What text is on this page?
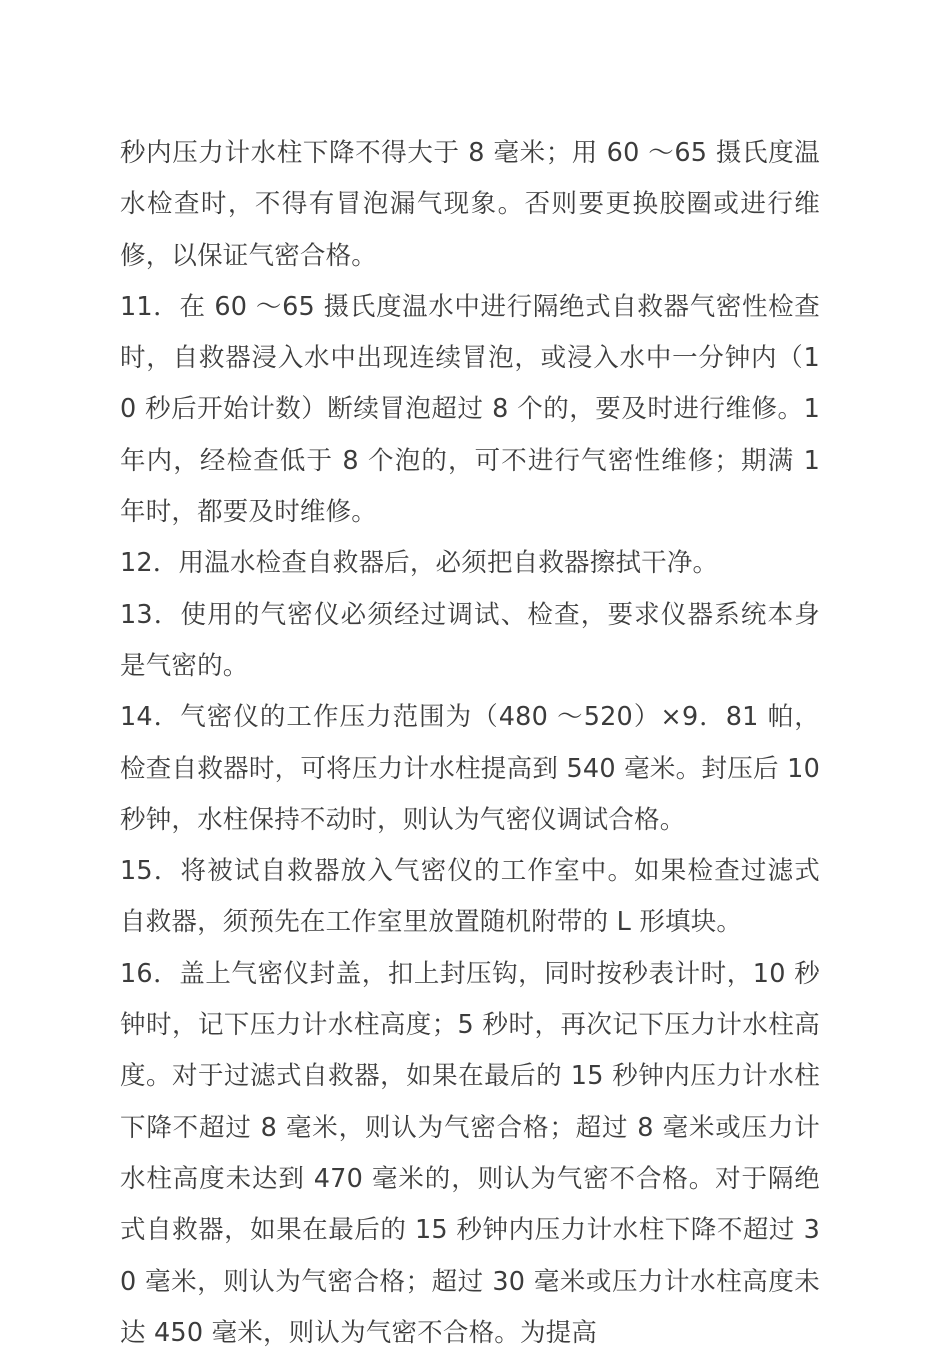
秒内压力计水柱下降不得大于 8 毫米；用 60 ～65 摄氏度温水检查时，不得有冒泡漏气现象。否则要更换胶圈或进行维修，以保证气密合格。

11．在 60 ～65 摄氏度温水中进行隔绝式自救器气密性检查时，自救器浸入水中出现连续冒泡，或浸入水中一分钟内（10 秒后开始计数）断续冒泡超过 8 个的，要及时进行维修。1 年内，经检查低于 8 个泡的，可不进行气密性维修；期满 1 年时，都要及时维修。

12．用温水检查自救器后，必须把自救器擦拭干净。

13．使用的气密仪必须经过调试、检查，要求仪器系统本身是气密的。

14．气密仪的工作压力范围为（480 ～520）×9．81 帕，检查自救器时，可将压力计水柱提高到 540 毫米。封压后 10 秒钟，水柱保持不动时，则认为气密仪调试合格。

15．将被试自救器放入气密仪的工作室中。如果检查过滤式自救器，须预先在工作室里放置随机附带的 L 形填块。

16．盖上气密仪封盖，扣上封压钩，同时按秒表计时，10 秒钟时，记下压力计水柱高度；5 秒时，再次记下压力计水柱高度。对于过滤式自救器，如果在最后的 15 秒钟内压力计水柱下降不超过 8 毫米，则认为气密合格；超过 8 毫米或压力计水柱高度未达到 470 毫米的，则认为气密不合格。对于隔绝式自救器，如果在最后的 15 秒钟内压力计水柱下降不超过 30 毫米，则认为气密合格；超过 30 毫米或压力计水柱高度未达 450 毫米，则认为气密不合格。为提高
